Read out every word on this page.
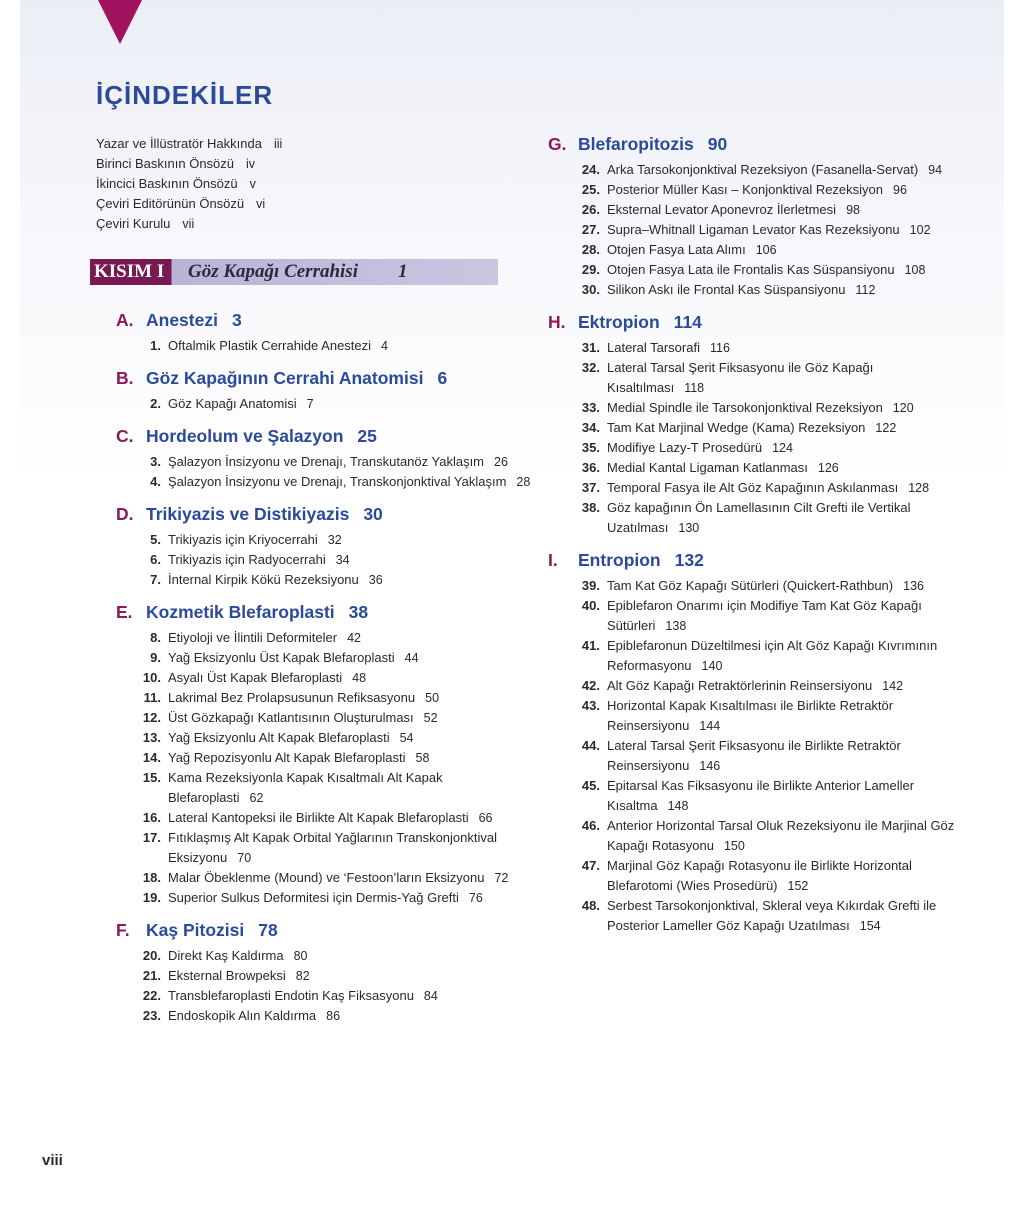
İÇİNDEKİLER
Yazar ve İllüstratör Hakkında iii
Birinci Baskının Önsözü iv
İkincici Baskının Önsözü v
Çeviri Editörünün Önsözü vi
Çeviri Kurulu vii
KISIM I Göz Kapağı Cerrahisi 1
A. Anestezi 3
1. Oftalmik Plastik Cerrahide Anestezi 4
B. Göz Kapağının Cerrahi Anatomisi 6
2. Göz Kapağı Anatomisi 7
C. Hordeolum ve Şalazyon 25
3. Şalazyon İnsizyonu ve Drenajı, Transkutanöz Yaklaşım 26
4. Şalazyon İnsizyonu ve Drenajı, Transkonjonktival Yaklaşım 28
D. Trikiyazis ve Distikiyazis 30
5. Trikiyazis için Kriyocerrahi 32
6. Trikiyazis için Radyocerrahi 34
7. İnternal Kirpik Kökü Rezeksiyonu 36
E. Kozmetik Blefaroplasti 38
8. Etiyoloji ve İlintili Deformiteler 42
9. Yağ Eksizyonlu Üst Kapak Blefaroplasti 44
10. Asyalı Üst Kapak Blefaroplasti 48
11. Lakrimal Bez Prolapsusunun Refiksasyonu 50
12. Üst Gözkapağı Katlantısının Oluşturulması 52
13. Yağ Eksizyonlu Alt Kapak Blefaroplasti 54
14. Yağ Repozisyonlu Alt Kapak Blefaroplasti 58
15. Kama Rezeksiyonla Kapak Kısaltmalı Alt Kapak Blefaroplasti 62
16. Lateral Kantopeksi ile Birlikte Alt Kapak Blefaroplasti 66
17. Fıtıklaşmış Alt Kapak Orbital Yağlarının Transkonjonktival Eksizyonu 70
18. Malar Öbeklenme (Mound) ve ‘Festoon’ların Eksizyonu 72
19. Superior Sulkus Deformitesi için Dermis-Yağ Grefti 76
F. Kaş Pitozisi 78
20. Direkt Kaş Kaldırma 80
21. Eksternal Browpeksi 82
22. Transblefaroplasti Endotin Kaş Fiksasyonu 84
23. Endoskopik Alın Kaldırma 86
G. Blefaropitozis 90
24. Arka Tarsokonjonktival Rezeksiyon (Fasanella-Servat) 94
25. Posterior Müller Kası – Konjonktival Rezeksiyon 96
26. Eksternal Levator Aponevroz İlerletmesi 98
27. Supra–Whitnall Ligaman Levator Kas Rezeksiyonu 102
28. Otojen Fasya Lata Alımı 106
29. Otojen Fasya Lata ile Frontalis Kas Süspansiyonu 108
30. Silikon Askı ile Frontal Kas Süspansiyonu 112
H. Ektropion 114
31. Lateral Tarsorafi 116
32. Lateral Tarsal Şerit Fiksasyonu ile Göz Kapağı Kısaltılması 118
33. Medial Spindle ile Tarsokonjonktival Rezeksiyon 120
34. Tam Kat Marjinal Wedge (Kama) Rezeksiyon 122
35. Modifiye Lazy-T Prosedürü 124
36. Medial Kantal Ligaman Katlanması 126
37. Temporal Fasya ile Alt Göz Kapağının Askılanması 128
38. Göz kapağının Ön Lamellasının Cilt Grefti ile Vertikal Uzatılması 130
I.	Entropion 132
39. Tam Kat Göz Kapağı Sütürleri (Quickert-Rathbun) 136
40. Epiblefaron Onarımı için Modifiye Tam Kat Göz Kapağı Sütürleri 138
41. Epiblefaronun Düzeltilmesi için Alt Göz Kapağı Kıvrımının Reformasyonu 140
42. Alt Göz Kapağı Retraktörlerinin Reinsersiyonu 142
43. Horizontal Kapak Kısaltılması ile Birlikte Retraktör Reinsersiyonu 144
44. Lateral Tarsal Şerit Fiksasyonu ile Birlikte Retraktör Reinsersiyonu 146
45. Epitarsal Kas Fiksasyonu ile Birlikte Anterior Lameller Kısaltma 148
46. Anterior Horizontal Tarsal Oluk Rezeksiyonu ile Marjinal Göz Kapağı Rotasyonu 150
47. Marjinal Göz Kapağı Rotasyonu ile Birlikte Horizontal Blefarotomi (Wies Prosedürü) 152
48. Serbest Tarsokonjonktival, Skleral veya Kıkırdak Grefti ile Posterior Lameller Göz Kapağı Uzatılması 154
viii
